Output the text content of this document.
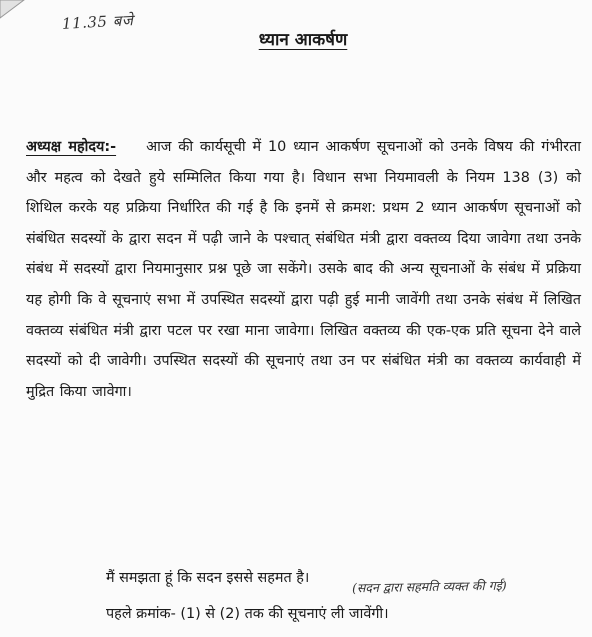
11.35 बजे
ध्यान आकर्षण

अध्यक्ष महोदय:- आज की कार्यसूची में 10 ध्यान आकर्षण सूचनाओं को उनके विषय की गंभीरता और महत्व को देखते हुये सम्मिलित किया गया है। विधान सभा नियमावली के नियम 138 (3) को शिथिल करके यह प्रक्रिया निर्धारित की गई है कि इनमें से क्रमश: प्रथम 2 ध्यान आकर्षण सूचनाओं को संबंधित सदस्यों के द्वारा सदन में पढ़ी जाने के पश्चात् संबंधित मंत्री द्वारा वक्तव्य दिया जावेगा तथा उनके संबंध में सदस्यों द्वारा नियमानुसार प्रश्न पूछे जा सकेंगे। उसके बाद की अन्य सूचनाओं के संबंध में प्रक्रिया यह होगी कि वे सूचनाएं सभा में उपस्थित सदस्यों द्वारा पढ़ी हुई मानी जावेंगी तथा उनके संबंध में लिखित वक्तव्य संबंधित मंत्री द्वारा पटल पर रखा माना जावेगा। लिखित वक्तव्य की एक-एक प्रति सूचना देने वाले सदस्यों को दी जावेगी। उपस्थित सदस्यों की सूचनाएं तथा उन पर संबंधित मंत्री का वक्तव्य कार्यवाही में मुद्रित किया जावेगा।

मैं समझता हूं कि सदन इससे सहमत है।	(सदन द्वारा सहमति व्यक्त की गई)
पहले क्रमांक- (1) से (2) तक की सूचनाएं ली जावेंगी।
